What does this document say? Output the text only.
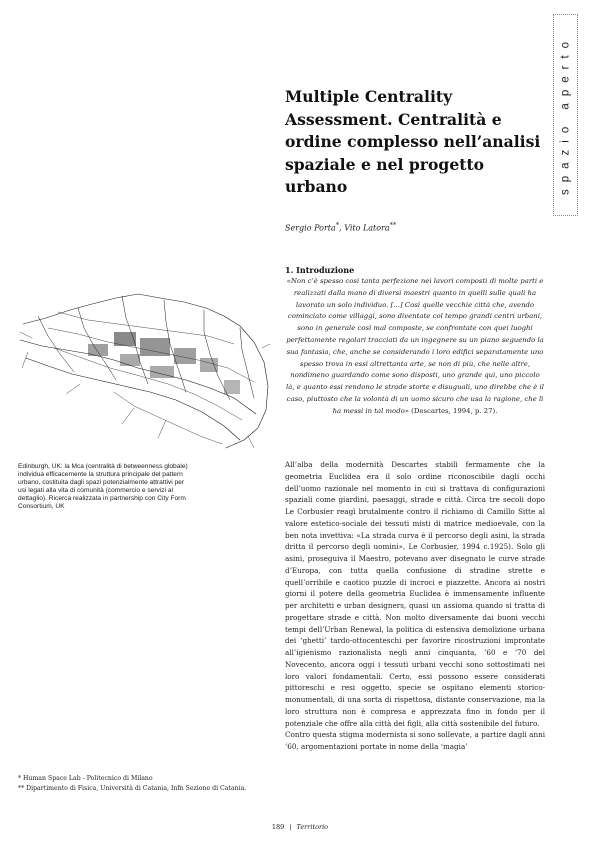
spazio aperto
Multiple Centrality Assessment. Centralità e ordine complesso nell’analisi spaziale e nel progetto urbano
Sergio Porta*, Vito Latora**
1. Introduzione
«Non c’è spesso cosi tanta perfezione nei lavori composti di molte parti e realizzati dalla mano di diversi maestri quanto in quelli sulle quali ha lavorato un solo individuo. [...] Così quelle vecchie città che, avendo cominciato come villaggi, sono diventate col tempo grandi centri urbani, sono in generale così mal composte, se confrontate con quei luoghi perfettamente regolari tracciati da un ingegnere su un piano seguendo la sua fantasia, che, anche se considerando i loro edifici separatamente uno spesso trova in essi altrettanta arte, se non di più, che nelle altre, nondimeno guardando come sono disposti, uno grande qui, uno piccolo là, e quanto essi rendono le strade storte e disuguali, uno direbbe che è il caso, piuttosto che la volontà di un uomo sicuro che usa la ragione, che li ha messi in tal modo» (Descartes, 1994, p. 27).

All’alba della modernità Descartes stabilì fermamente che la geometria Euclidea era il solo ordine riconoscibile dagli occhi dell’uomo razionale nel momento in cui si trattava di configurazioni spaziali come giardini, paesaggi, strade e città. Circa tre secoli dopo Le Corbusier reagì brutalmente contro il richiamo di Camillo Sitte al valore estetico-sociale dei tessuti misti di matrice medioevale, con la ben nota invettiva: «La strada curva è il percorso degli asini, la strada dritta il percorso degli uomini», Le Corbusier, 1994 c.1925). Solo gli asini, proseguiva il Maestro, potevano aver disegnato le curve strade d’Europa, con tutta quella confusione di stradine strette e quell’orribile e caotico puzzle di incroci e piazzette. Ancora ai nostri giorni il potere della geometria Euclidea è immensamente influente per architetti e urban designers, quasi un assioma quando si tratta di progettare strade e città. Non molto diversamente dai buoni vecchi tempi dell’Urban Renewal, la politica di estensiva demolizione urbana dei ‘ghetti’ tardo-ottocenteschi per favorire ricostruzioni improntate all’igienismo razionalista negli anni cinquanta, ’60 e ’70 del Novecento, ancora oggi i tessuti urbani vecchi sono sottostimati nei loro valori fondamentali. Certo, essi possono essere considerati pittoreschi e resi oggetto, specie se ospitano elementi storico-monumentali, di una sorta di rispettosa, distante conservazione, ma la loro struttura non è compresa e apprezzata fino in fondo per il potenziale che offre alla città dei figli, alla città sostenibile del futuro.

Contro questa stigma modernista si sono sollevate, a partire dagli anni ’60, argomentazioni portate in nome della ‘magia’

Edinburgh, UK: la Mca (centralità di betweenness globale) individua efficacemente la struttura principale del pattern urbano, costituita dagli spazi potenzialmente attrattivi per usi legati alla vita di comunità (commercio e servizi al dettaglio). Ricerca realizzata in partnership con City Form Consortium, UK
* Human Space Lab - Politecnico di Milano
** Dipartimento di Fisica, Università di Catania, Infn Sezione di Catania.
189 | Territorio
